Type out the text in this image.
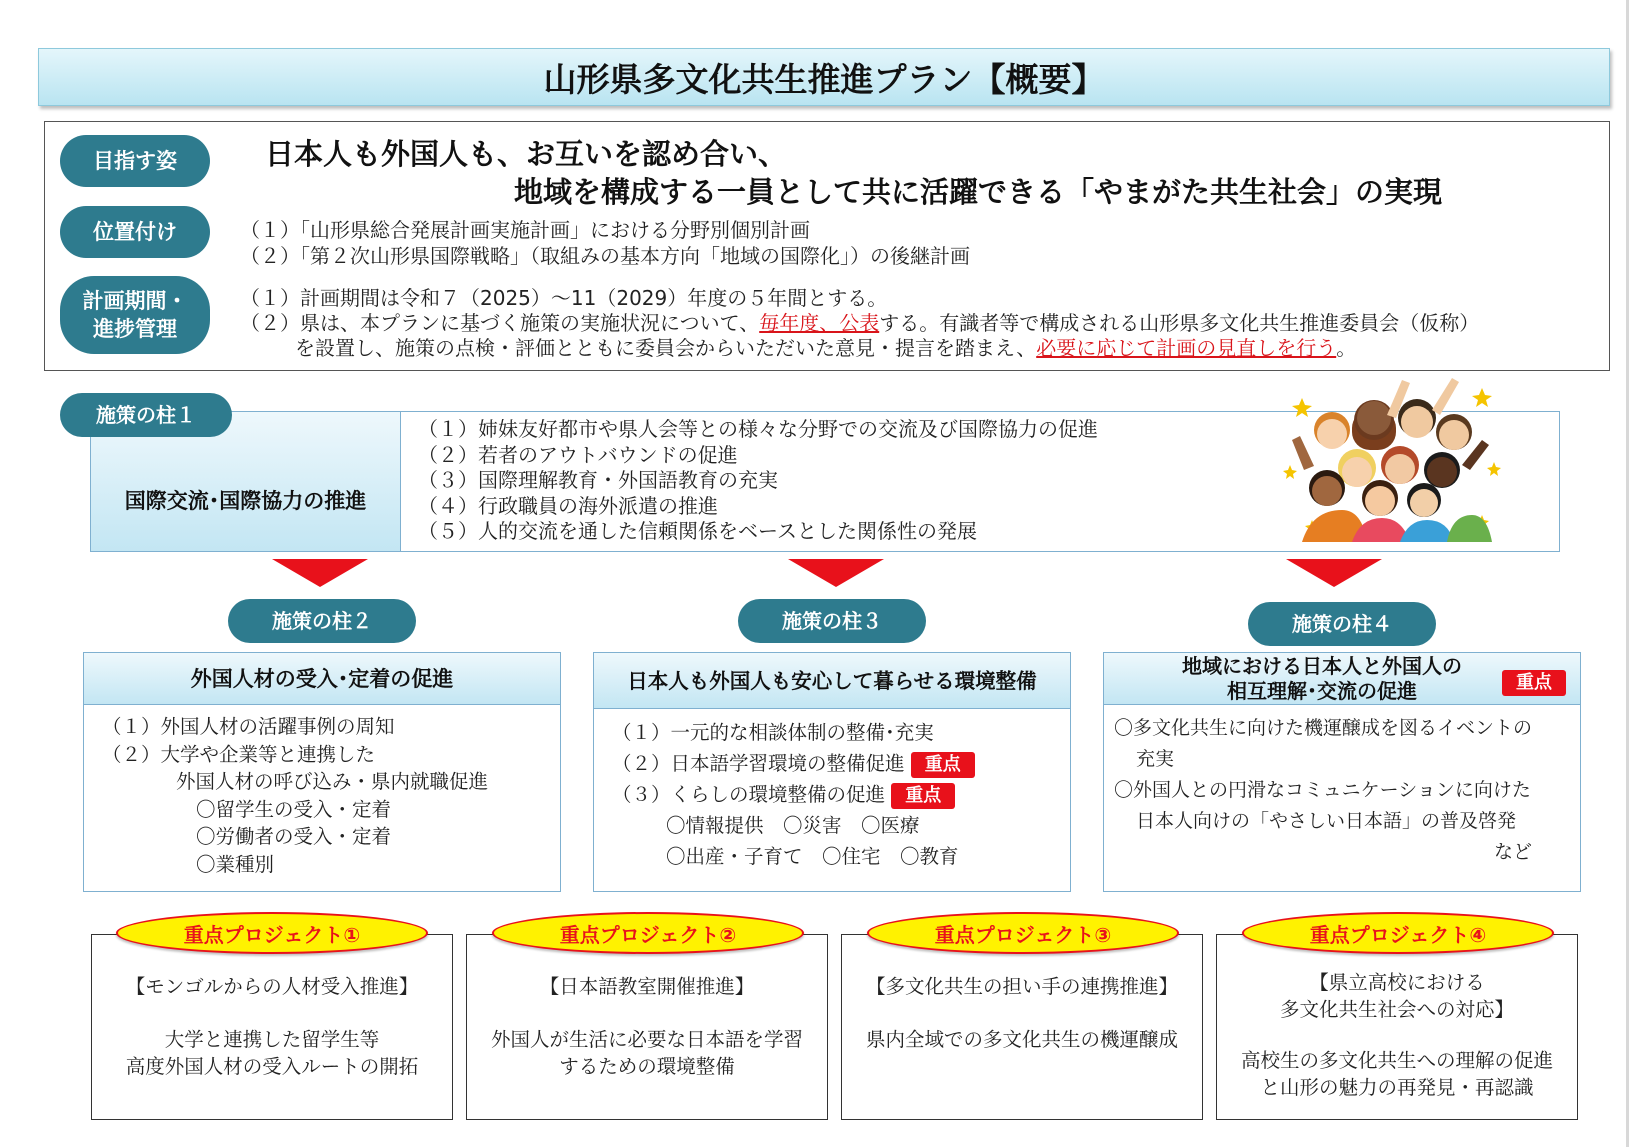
山形県多文化共生推進プラン【概要】
目指す姿	日本人も外国人も、お互いを認め合い、
地域を構成する一員として共に活躍できる「やまがた共生社会」の実現
位置付け	（１）「山形県総合発展計画実施計画」における分野別個別計画
（２）「第２次山形県国際戦略」（取組みの基本方向「地域の国際化」）の後継計画
計画期間・
進捗管理
（１）計画期間は令和７（2025）～11（2029）年度の５年間とする。
（２）県は、本プランに基づく施策の実施状況について、毎年度、公表する。有識者等で構成される山形県多文化共生推進委員会（仮称）
を設置し、施策の点検・評価とともに委員会からいただいた意見・提言を踏まえ、必要に応じて計画の見直しを行う。
国際交流･国際協力の推進
施策の柱１
（１）姉妹友好都市や県人会等との様々な分野での交流及び国際協力の促進
（２）若者のアウトバウンドの促進
（３）国際理解教育・外国語教育の充実
（４）行政職員の海外派遣の推進
（５）人的交流を通した信頼関係をベースとした関係性の発展
施策の柱２
外国人材の受入･定着の促進
（１）外国人材の活躍事例の周知
（２）大学や企業等と連携した
外国人材の呼び込み・県内就職促進
〇留学生の受入・定着
〇労働者の受入・定着
〇業種別
施策の柱３
日本人も外国人も安心して暮らせる環境整備
（１）一元的な相談体制の整備･充実
（２）日本語学習環境の整備促進 重点
（３）くらしの環境整備の促進 重点
〇情報提供　〇災害　〇医療
〇出産・子育て　〇住宅　〇教育
施策の柱４
地域における日本人と外国人の
相互理解･交流の促進
〇多文化共生に向けた機運醸成を図るイベントの
充実
〇外国人との円滑なコミュニケーションに向けた
日本人向けの「やさしい日本語」の普及啓発
など
重点
【モンゴルからの人材受入推進】
大学と連携した留学生等
高度外国人材の受入ルートの開拓
重点プロジェクト①
【日本語教室開催推進】
外国人が生活に必要な日本語を学習
するための環境整備
重点プロジェクト②
【多文化共生の担い手の連携推進】
県内全域での多文化共生の機運醸成
重点プロジェクト③
【県立高校における
多文化共生社会への対応】
高校生の多文化共生への理解の促進
と山形の魅力の再発見・再認識
重点プロジェクト④
